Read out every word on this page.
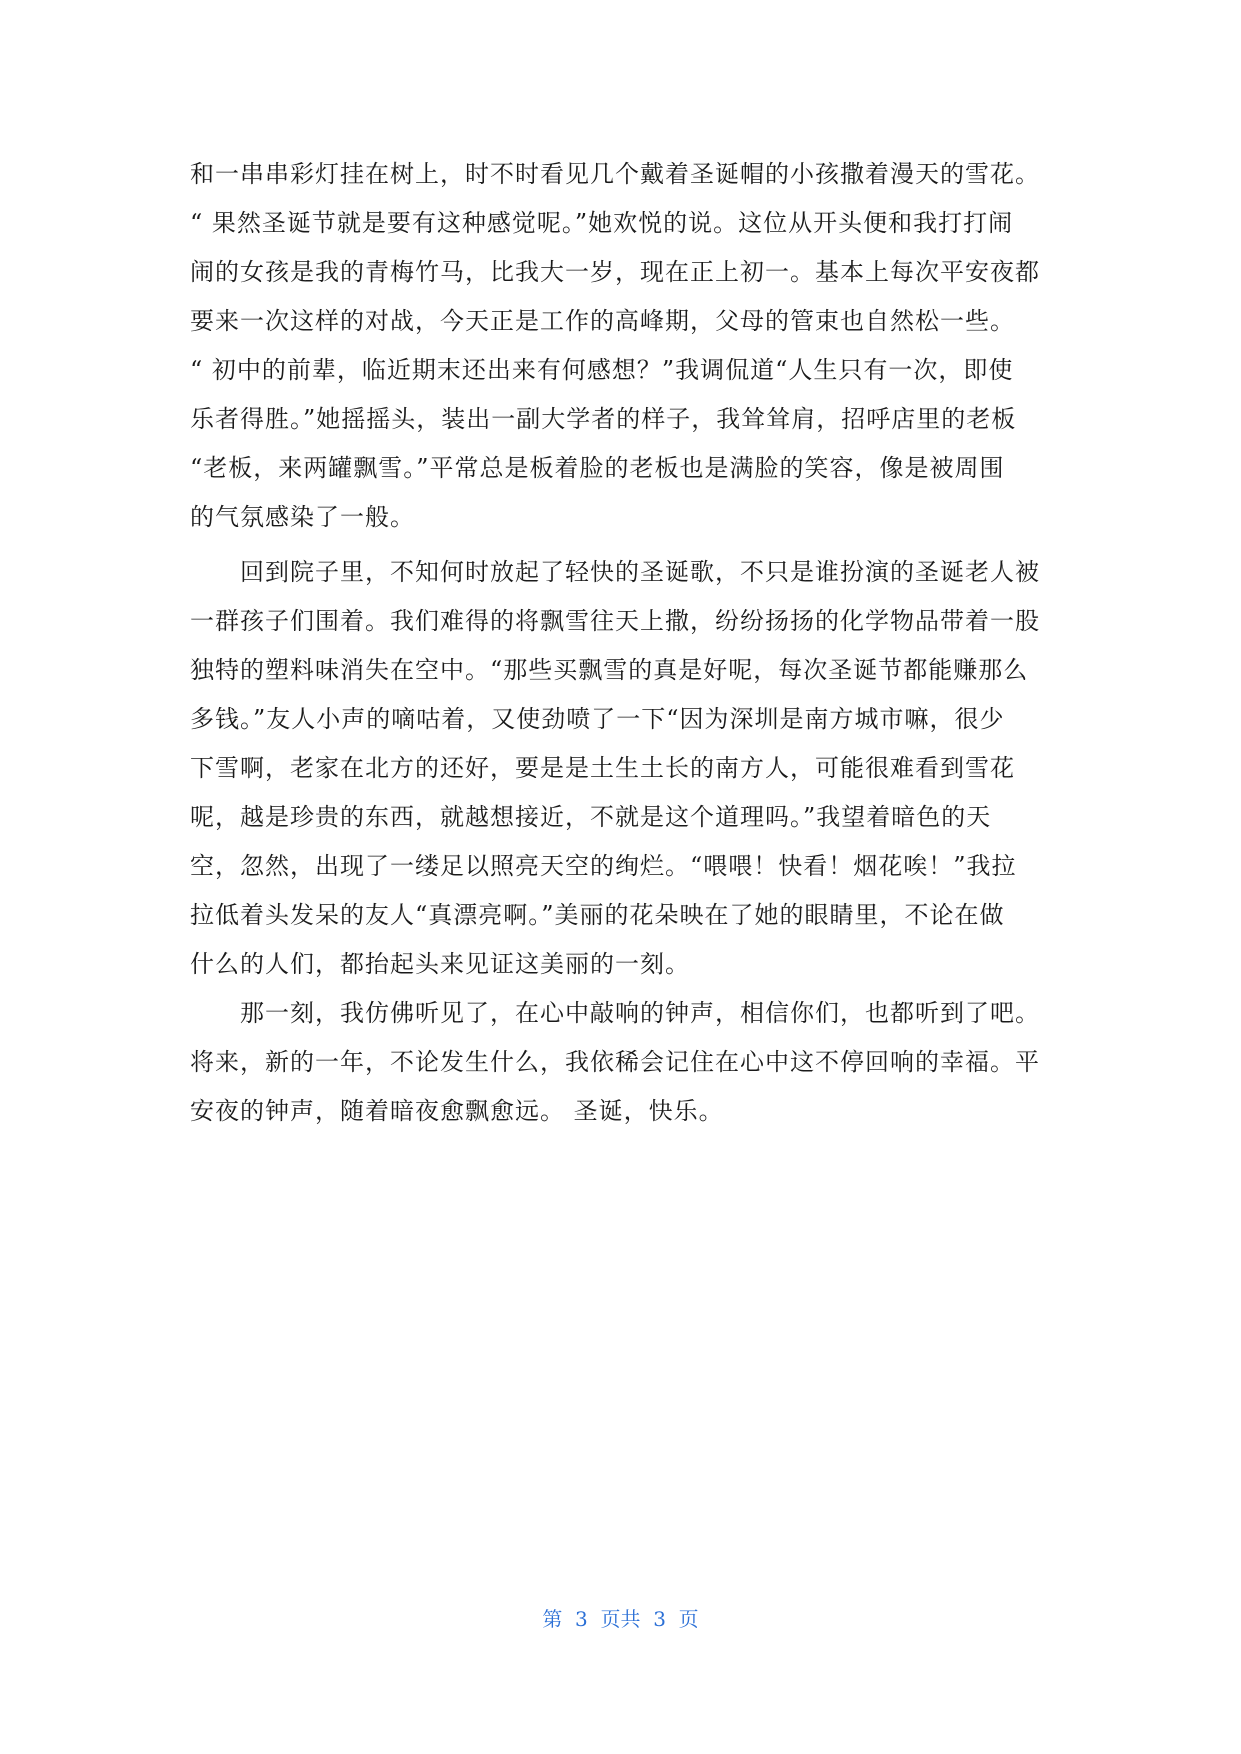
和一串串彩灯挂在树上，时不时看见几个戴着圣诞帽的小孩撒着漫天的雪花。
“ 果然圣诞节就是要有这种感觉呢。”她欢悦的说。这位从开头便和我打打闹
闹的女孩是我的青梅竹马，比我大一岁，现在正上初一。基本上每次平安夜都
要来一次这样的对战，今天正是工作的高峰期，父母的管束也自然松一些。
“ 初中的前辈，临近期末还出来有何感想？”我调侃道“人生只有一次，即使
乐者得胜。”她摇摇头，装出一副大学者的样子，我耸耸肩，招呼店里的老板
“老板，来两罐飘雪。”平常总是板着脸的老板也是满脸的笑容，像是被周围
的气氛感染了一般。
　　回到院子里，不知何时放起了轻快的圣诞歌，不只是谁扮演的圣诞老人被
一群孩子们围着。我们难得的将飘雪往天上撒，纷纷扬扬的化学物品带着一股
独特的塑料味消失在空中。“那些买飘雪的真是好呢，每次圣诞节都能赚那么
多钱。”友人小声的嘀咕着，又使劲喷了一下“因为深圳是南方城市嘛，很少
下雪啊，老家在北方的还好，要是是土生土长的南方人，可能很难看到雪花
呢，越是珍贵的东西，就越想接近，不就是这个道理吗。”我望着暗色的天
空，忽然，出现了一缕足以照亮天空的绚烂。“喂喂！快看！烟花唉！”我拉
拉低着头发呆的友人“真漂亮啊。”美丽的花朵映在了她的眼睛里，不论在做
什么的人们，都抬起头来见证这美丽的一刻。
　　那一刻，我仿佛听见了，在心中敲响的钟声，相信你们，也都听到了吧。
将来，新的一年，不论发生什么，我依稀会记住在心中这不停回响的幸福。平
安夜的钟声，随着暗夜愈飘愈远。 圣诞，快乐。
第  3  页共  3  页
